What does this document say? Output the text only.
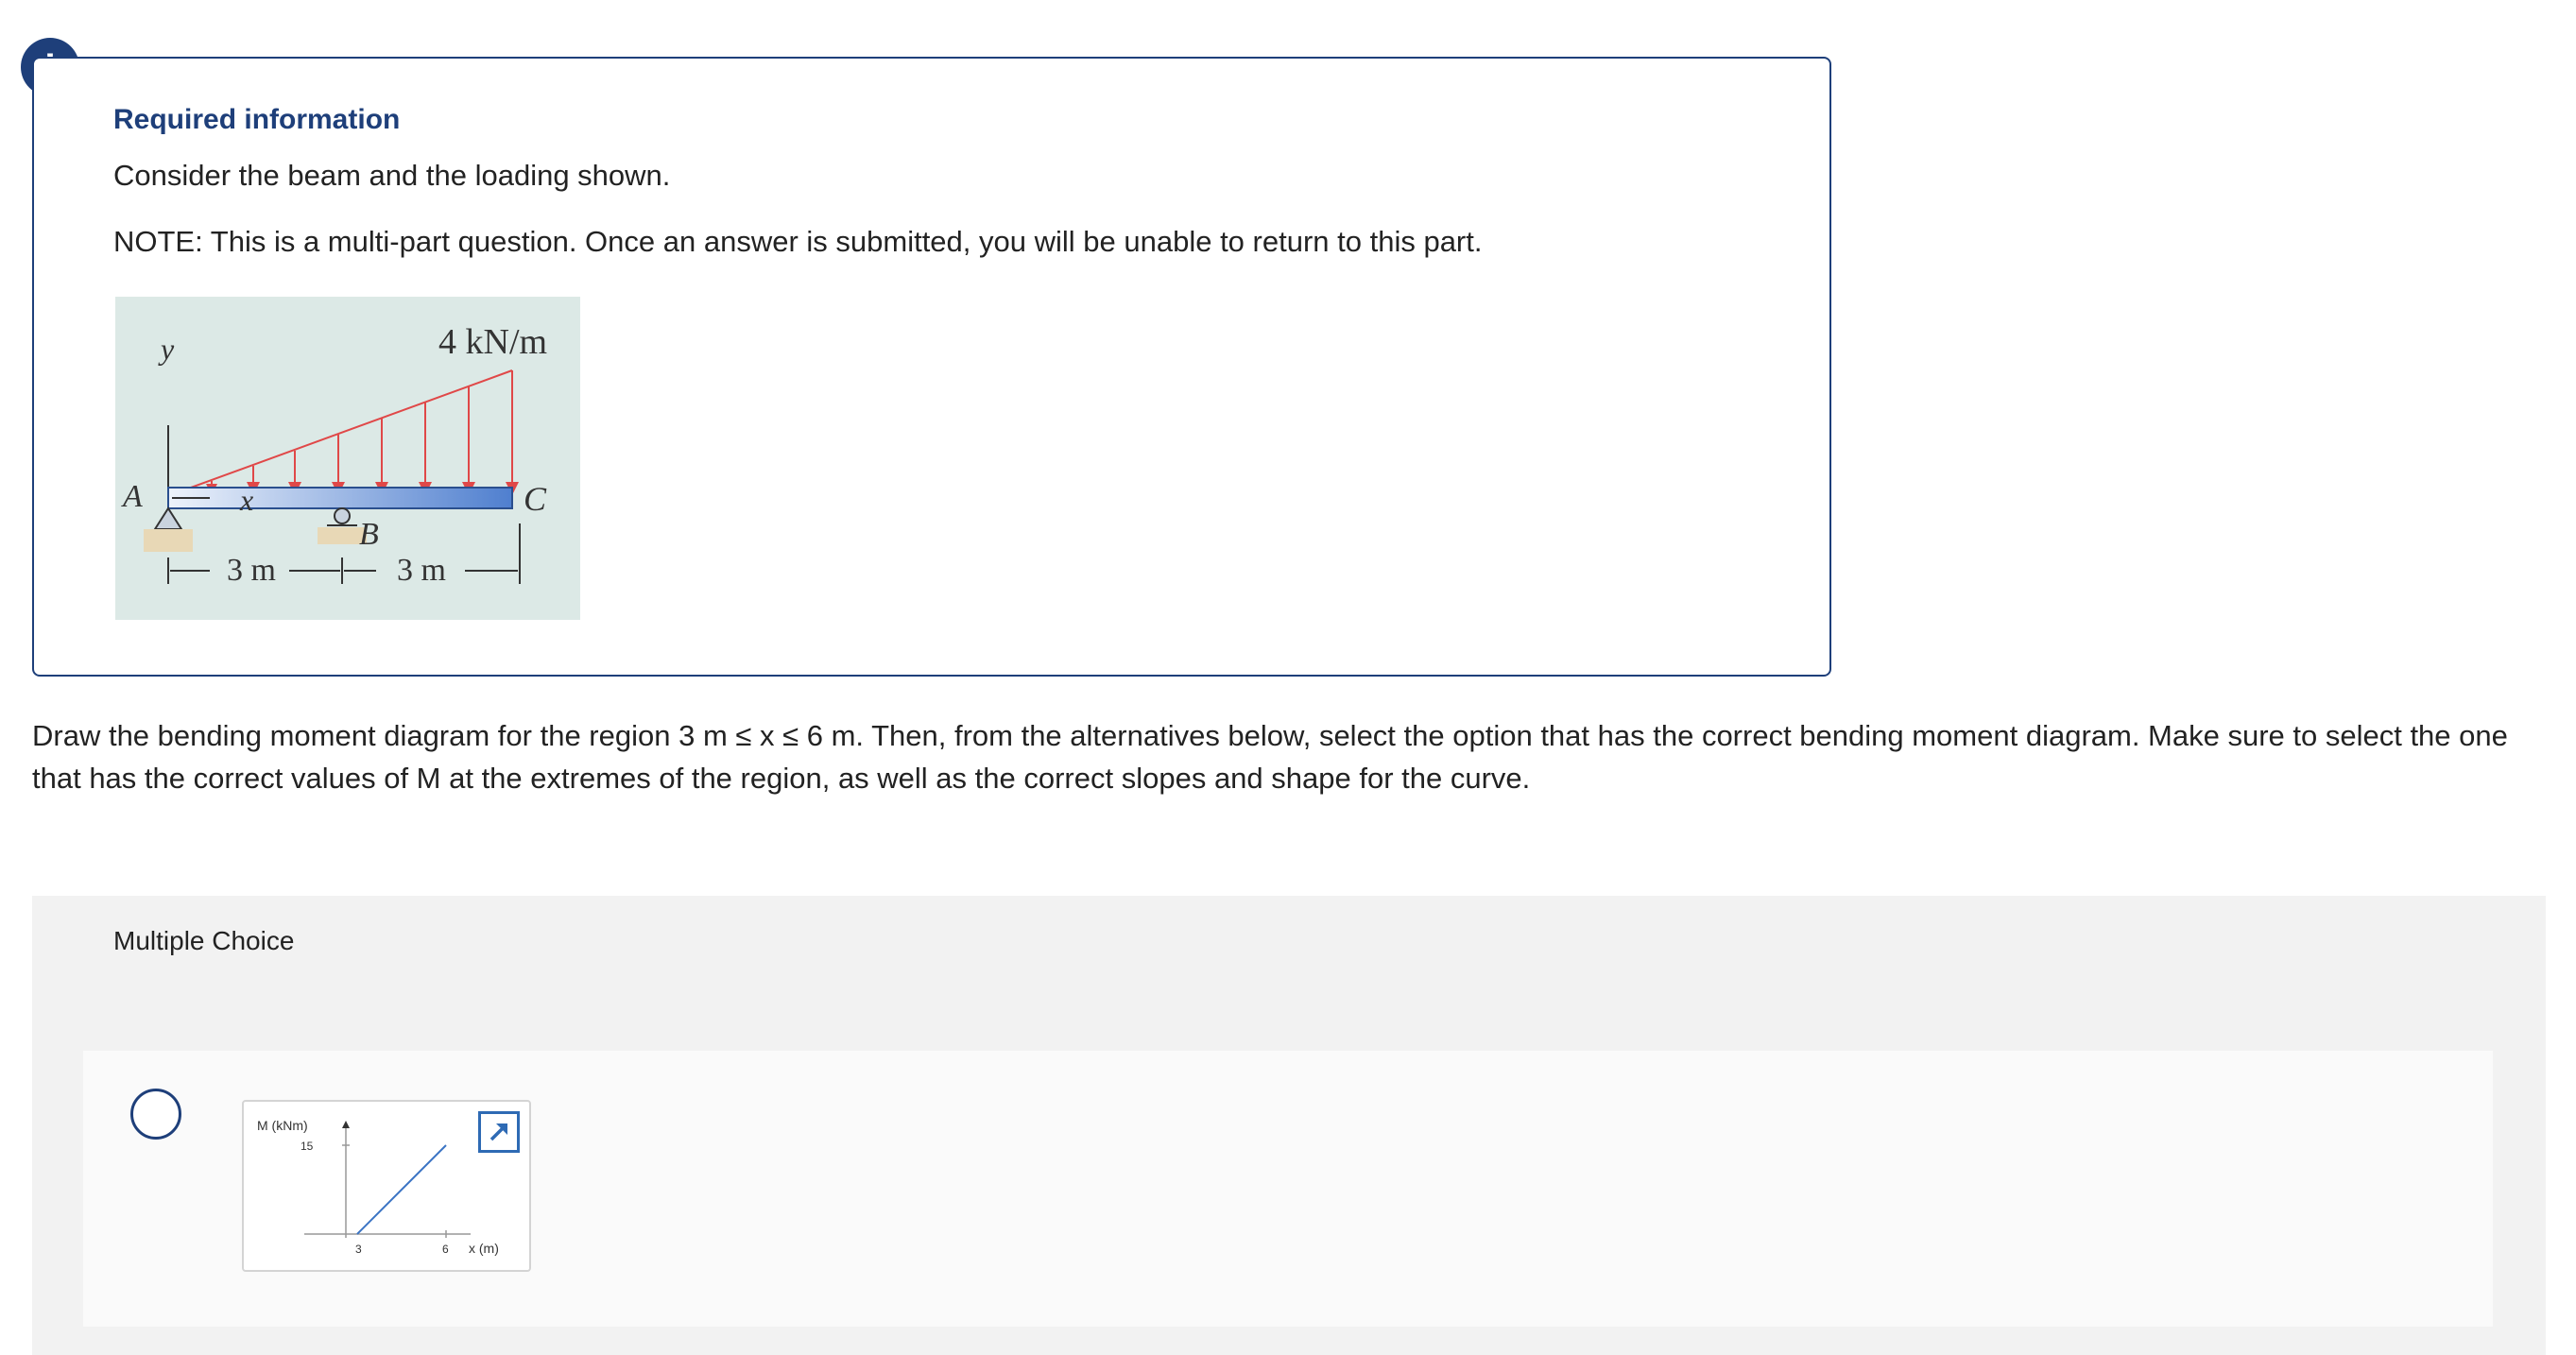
Required information
Consider the beam and the loading shown.
NOTE: This is a multi-part question. Once an answer is submitted, you will be unable to return to this part.
y	4 kN/m
x
A	C
B
3 m	3 m
Draw the bending moment diagram for the region 3 m ≤ x ≤ 6 m. Then, from the alternatives below, select the option that has the correct bending moment diagram. Make sure to select the one that has the correct values of M at the extremes of the region, as well as the correct slopes and shape for the curve.
Multiple Choice
M (kNm)
15
3	6 x (m)
